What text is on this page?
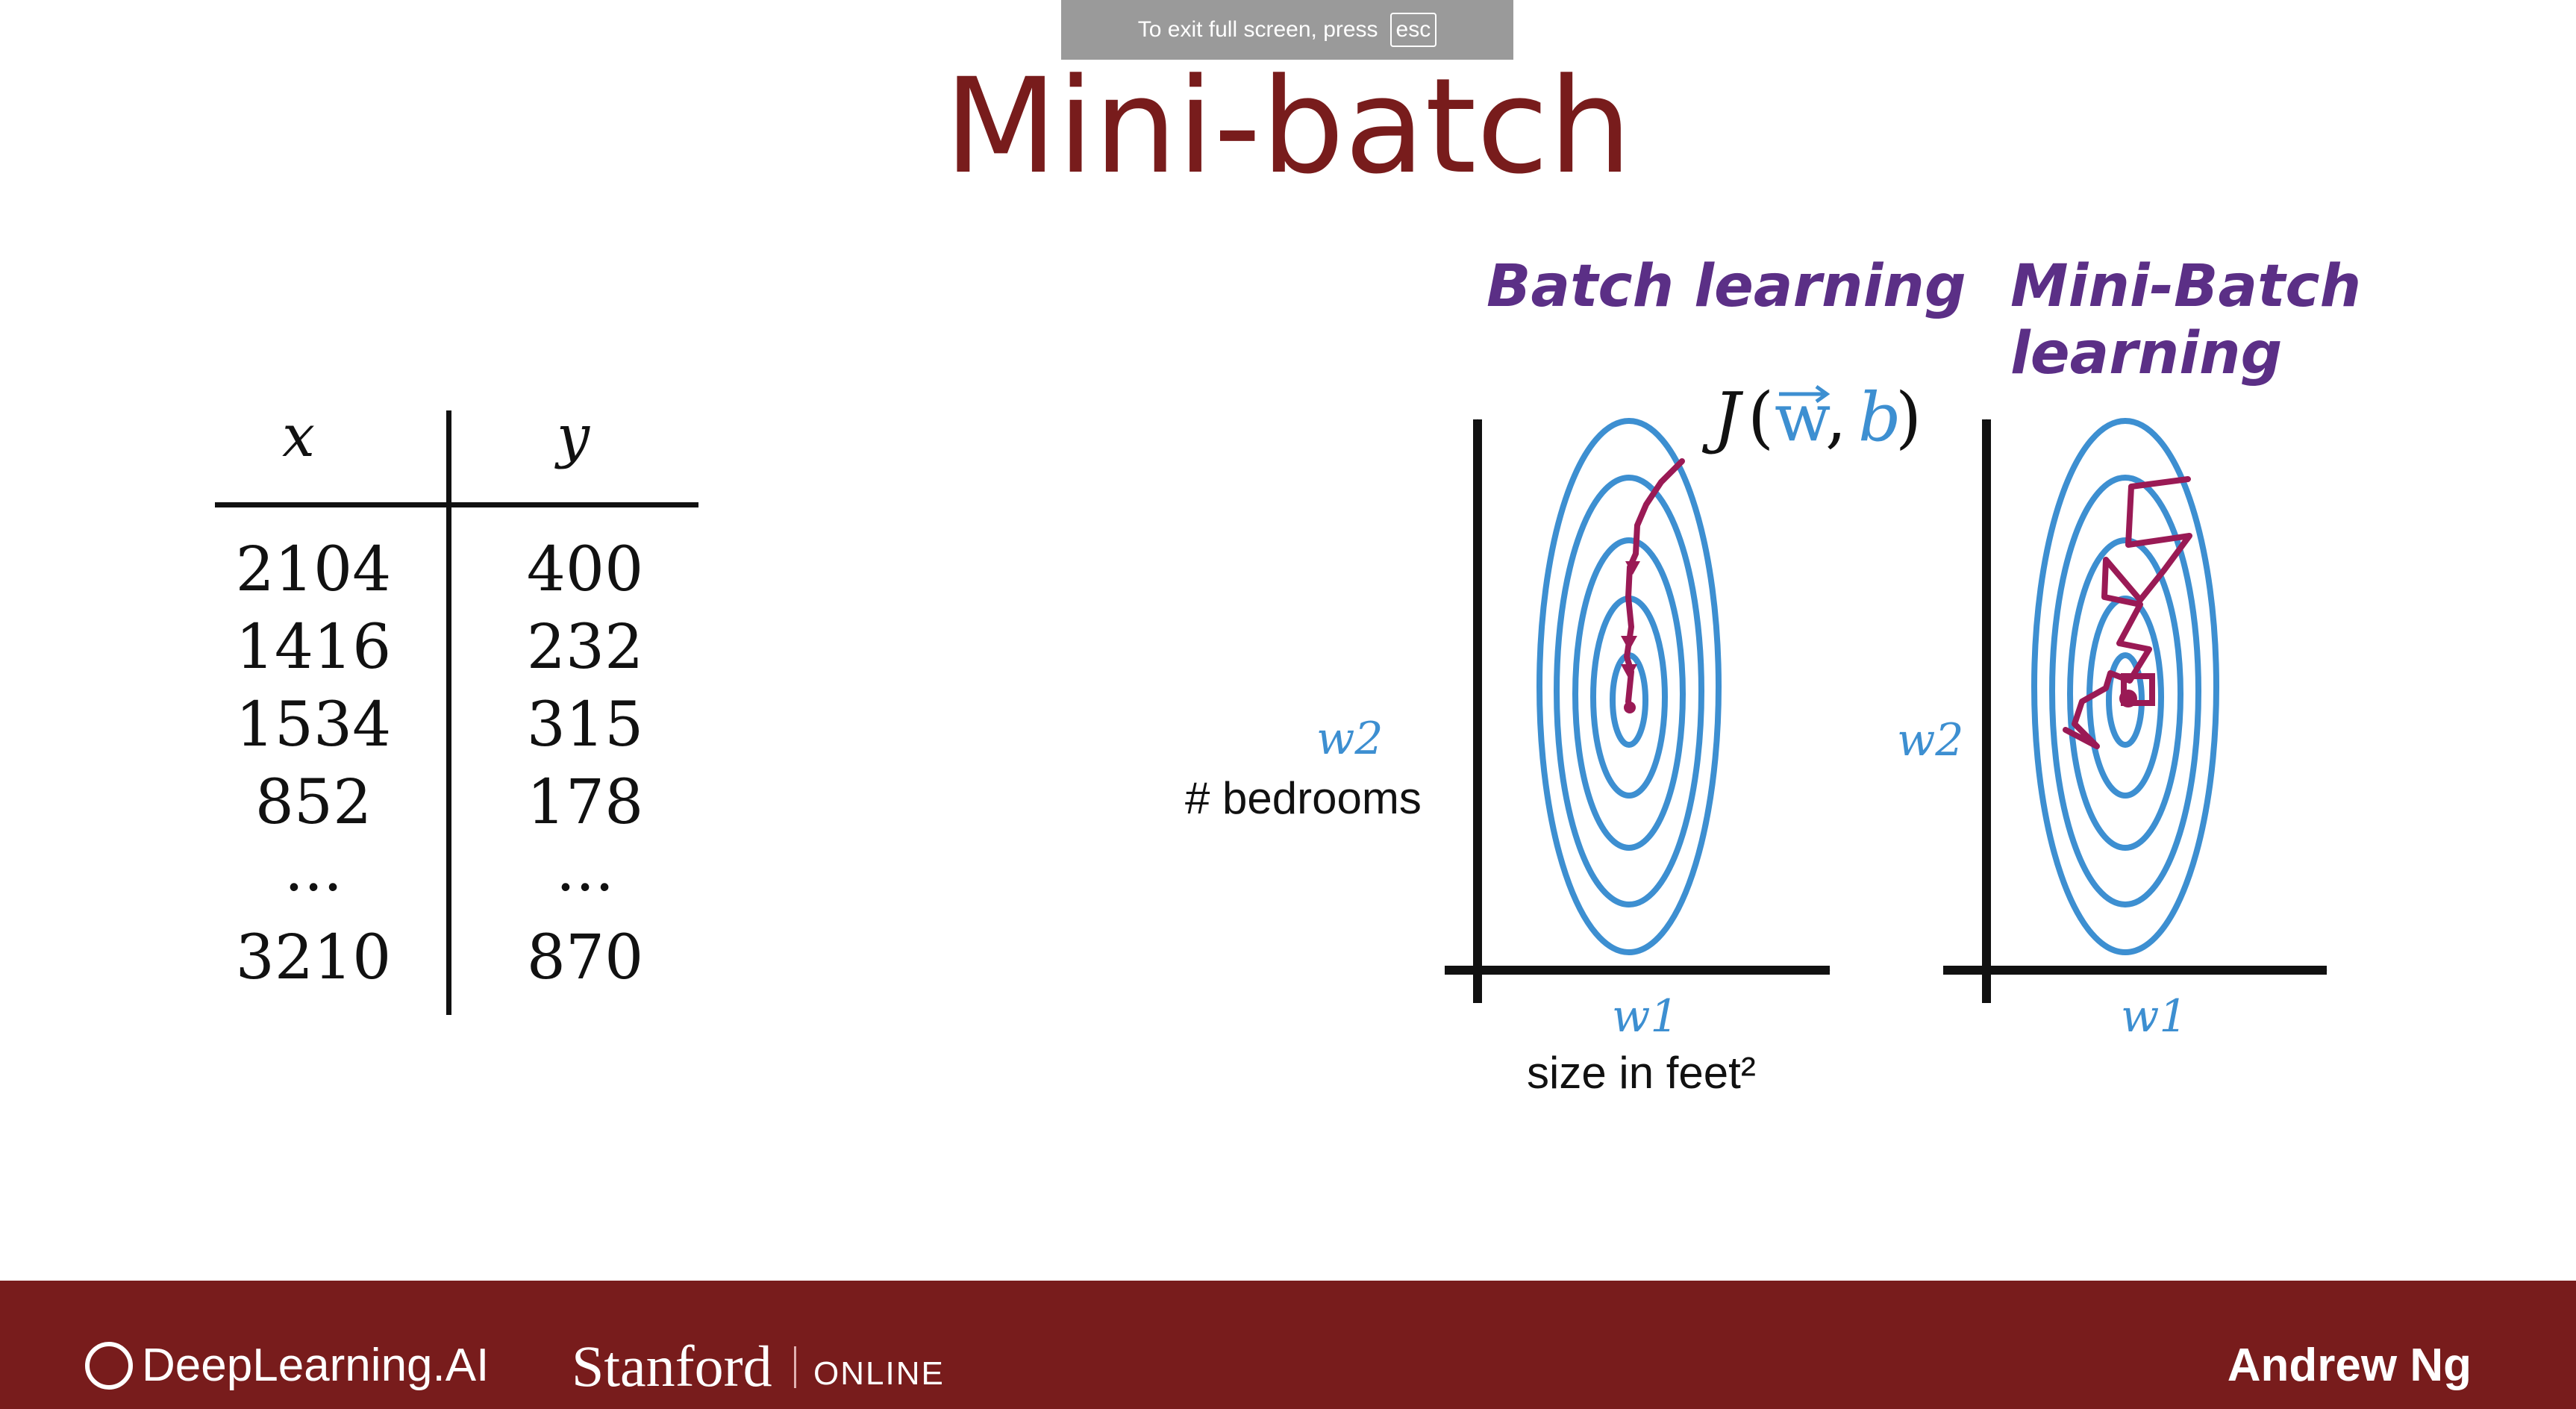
To exit full screen, press esc
Mini-batch
x	y
2104	400
1416	232
1534	315
852	178
...	...
3210	870
Batch learning
J ( w
, b
)
w2
# bedrooms
w1
size in feet²
Mini-Batch
learning
w2
w1
DeepLearning.AI Stanford ONLINE	Andrew Ng
